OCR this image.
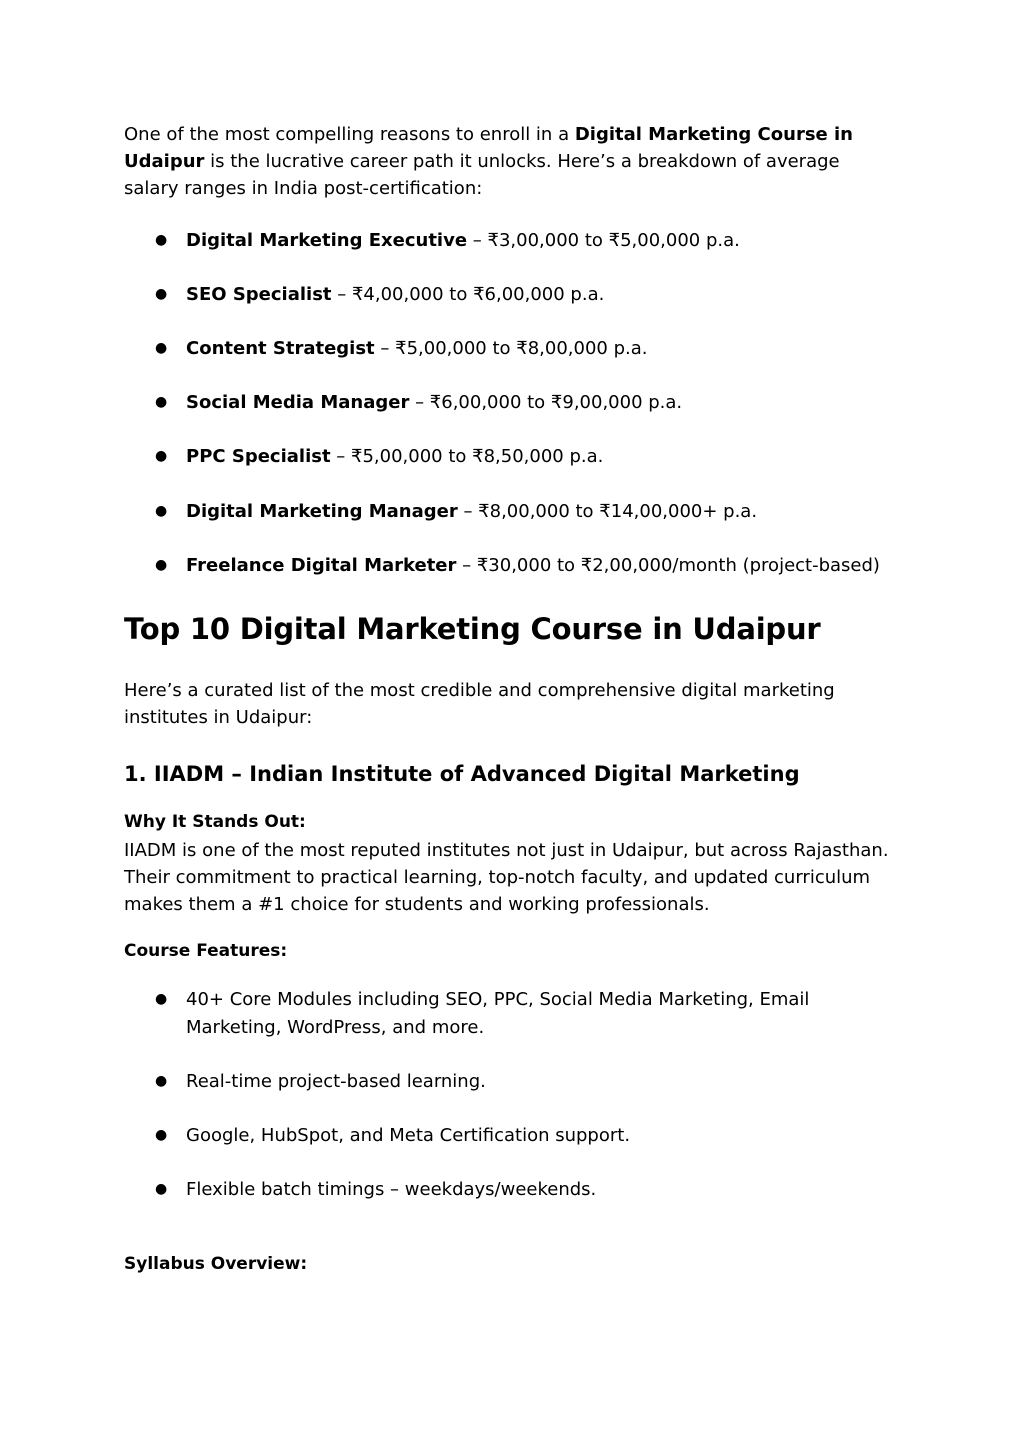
One of the most compelling reasons to enroll in a Digital Marketing Course in Udaipur is the lucrative career path it unlocks. Here’s a breakdown of average salary ranges in India post-certification:

● Digital Marketing Executive – ₹3,00,000 to ₹5,00,000 p.a.
● SEO Specialist – ₹4,00,000 to ₹6,00,000 p.a.
● Content Strategist – ₹5,00,000 to ₹8,00,000 p.a.
● Social Media Manager – ₹6,00,000 to ₹9,00,000 p.a.
● PPC Specialist – ₹5,00,000 to ₹8,50,000 p.a.
● Digital Marketing Manager – ₹8,00,000 to ₹14,00,000+ p.a.
● Freelance Digital Marketer – ₹30,000 to ₹2,00,000/month (project-based)
Top 10 Digital Marketing Course in Udaipur

Here’s a curated list of the most credible and comprehensive digital marketing institutes in Udaipur:

1. IIADM – Indian Institute of Advanced Digital Marketing

Why It Stands Out:

IIADM is one of the most reputed institutes not just in Udaipur, but across Rajasthan. Their commitment to practical learning, top-notch faculty, and updated curriculum makes them a #1 choice for students and working professionals.

Course Features:

● 40+ Core Modules including SEO, PPC, Social Media Marketing, Email Marketing, WordPress, and more.
● Real-time project-based learning.
● Google, HubSpot, and Meta Certification support.
● Flexible batch timings – weekdays/weekends.

Syllabus Overview:
